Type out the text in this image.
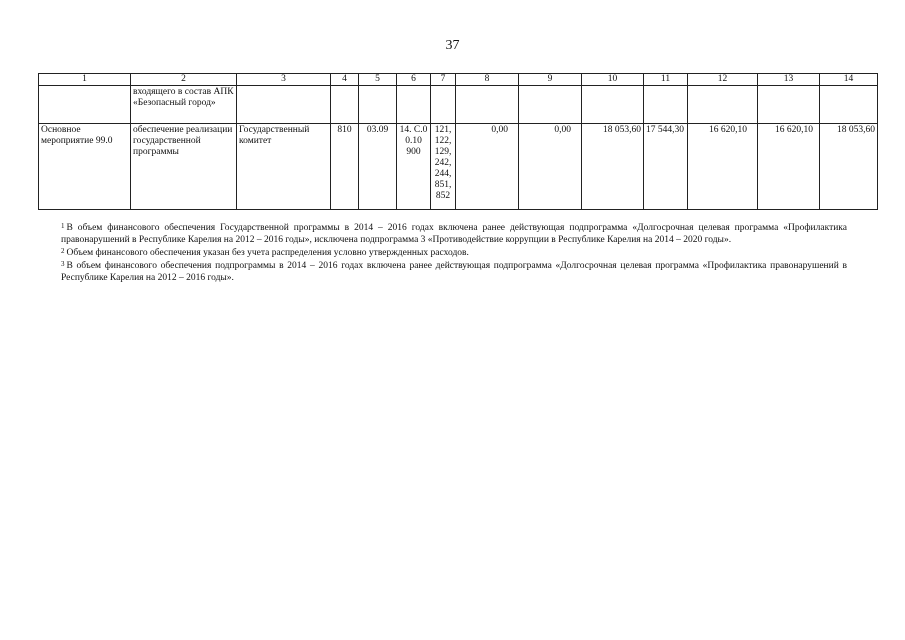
37
1	2	3	4	5	6	7	8	9	10	11	12	13	14
	входящего в состав АПК «Безопасный город»												
Основное мероприятие 99.0	обеспечение реализации государственной программы	Государственный комитет	810	03.09	14. С.0 0.10 900	121, 122, 129, 242, 244, 851, 852	0,00	0,00	18 053,60	17 544,30	16 620,10	16 620,10	18 053,60

$^1$ В объем финансового обеспечения Государственной программы в 2014 – 2016 годах включена ранее действующая подпрограмма «Долгосрочная целевая программа «Профилактика правонарушений в Республике Карелия на 2012 – 2016 годы», исключена подпрограмма 3 «Противодействие коррупции в Республике Карелия на 2014 – 2020 годы».

$^2$ Объем финансового обеспечения указан без учета распределения условно утвержденных расходов.

$^3$ В объем финансового обеспечения подпрограммы в 2014 – 2016 годах включена ранее действующая подпрограмма «Долгосрочная целевая программа «Профилактика правонарушений в Республике Карелия на 2012 – 2016 годы».
